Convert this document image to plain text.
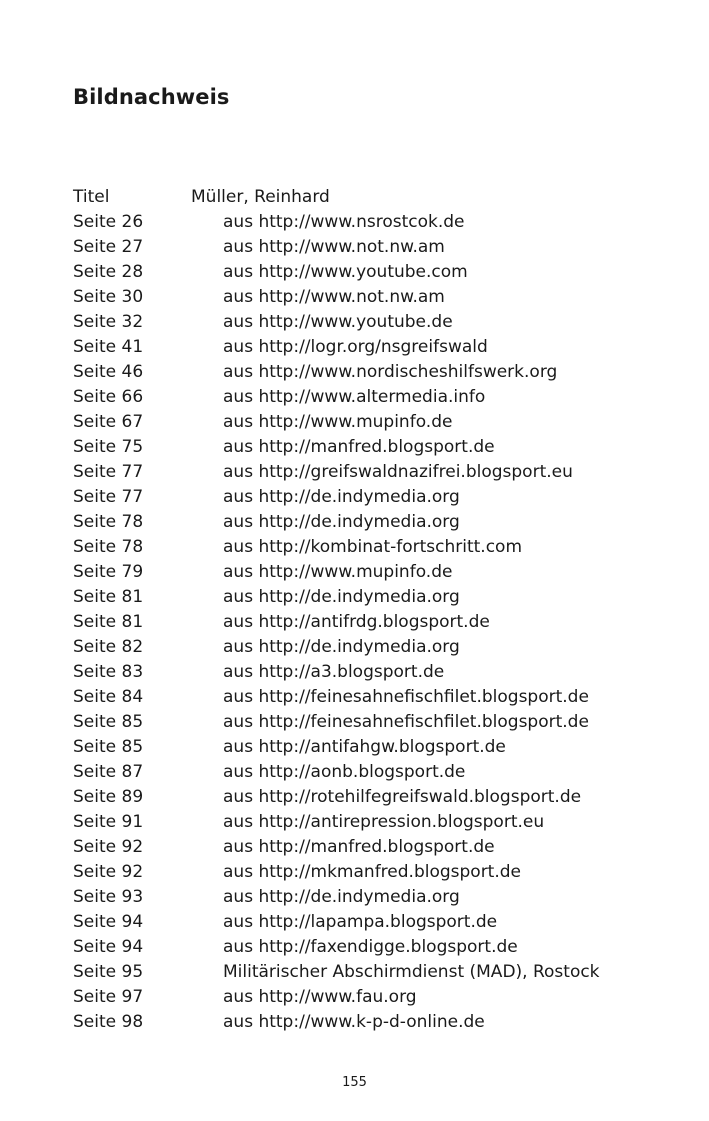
Bildnachweis
Titel	Müller, Reinhard
Seite 26	aus http://www.nsrostcok.de
Seite 27	aus http://www.not.nw.am
Seite 28	aus http://www.youtube.com
Seite 30	aus http://www.not.nw.am
Seite 32	aus http://www.youtube.de
Seite 41	aus http://logr.org/nsgreifswald
Seite 46	aus http://www.nordischeshilfswerk.org
Seite 66	aus http://www.altermedia.info
Seite 67	aus http://www.mupinfo.de
Seite 75	aus http://manfred.blogsport.de
Seite 77	aus http://greifswaldnazifrei.blogsport.eu
Seite 77	aus http://de.indymedia.org
Seite 78	aus http://de.indymedia.org
Seite 78	aus http://kombinat-fortschritt.com
Seite 79	aus http://www.mupinfo.de
Seite 81	aus http://de.indymedia.org
Seite 81	aus http://antifrdg.blogsport.de
Seite 82	aus http://de.indymedia.org
Seite 83	aus http://a3.blogsport.de
Seite 84	aus http://feinesahnefischfilet.blogsport.de
Seite 85	aus http://feinesahnefischfilet.blogsport.de
Seite 85	aus http://antifahgw.blogsport.de
Seite 87	aus http://aonb.blogsport.de
Seite 89	aus http://rotehilfegreifswald.blogsport.de
Seite 91	aus http://antirepression.blogsport.eu
Seite 92	aus http://manfred.blogsport.de
Seite 92	aus http://mkmanfred.blogsport.de
Seite 93	aus http://de.indymedia.org
Seite 94	aus http://lapampa.blogsport.de
Seite 94	aus http://faxendigge.blogsport.de
Seite 95	Militärischer Abschirmdienst (MAD), Rostock
Seite 97	aus http://www.fau.org
Seite 98	aus http://www.k-p-d-online.de
155
